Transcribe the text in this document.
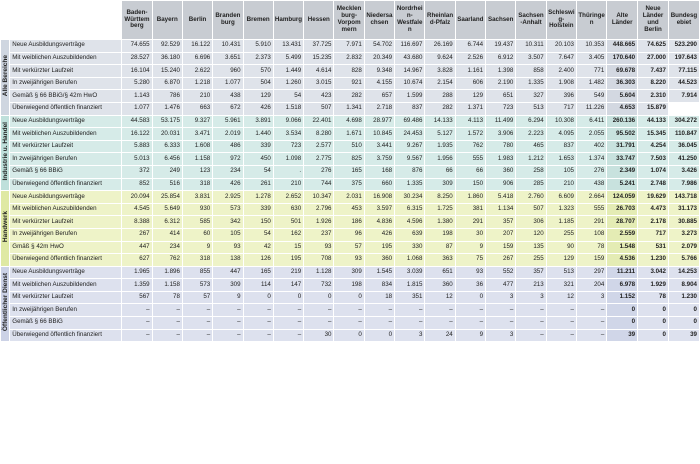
		Baden-Württemberg	Bayern	Berlin	Brandenburg	Bremen	Hamburg	Hessen	Mecklenburg-Vorpommern	Niedersachsen	Nordrhein-Westfalen	Rheinland-Pfalz	Saarland	Sachsen	Sachsen-Anhalt	Schleswig-Holstein	Thüringen	Alte Länder	Neue Länder und Berlin	Bundesgebiet
Alle Bereiche	Neue Ausbildungsverträge	74.655	92.529	16.122	10.431	5.910	13.431	37.725	7.971	54.702	116.697	26.169	6.744	19.437	10.311	20.103	10.353	448.665	74.625	523.290
	Mit weiblichen Auszubildenden	28.527	36.180	6.696	3.651	2.373	5.499	15.235	2.832	20.349	43.680	9.624	2.526	6.912	3.507	7.647	3.405	170.640	27.000	197.643
	Mit verkürzter Laufzeit	16.104	15.240	2.622	960	570	1.449	4.614	828	9.348	14.967	3.828	1.161	1.398	858	2.400	771	69.678	7.437	77.115
	In zweijährigen Berufen	5.280	6.870	1.218	1.077	504	1.260	3.015	921	4.155	10.674	2.154	606	2.190	1.335	1.908	1.482	36.303	8.220	44.523
	Gemäß § 66 BBiG/§ 42m HwO	1.143	786	210	438	129	54	423	282	657	1.599	288	129	651	327	396	549	5.604	2.310	7.914
	Überwiegend öffentlich finanziert	1.077	1.476	663	672	426	1.518	507	1.341	2.718	837	282	1.371	723	513	717	11.226	4.653	15.879	
Industrie u. Handel	Neue Ausbildungsverträge	44.583	53.175	9.327	5.961	3.891	9.066	22.401	4.698	28.977	69.486	14.133	4.113	11.499	6.294	10.308	6.411	260.136	44.133	304.272
	Mit weiblichen Auszubildenden	16.122	20.031	3.471	2.019	1.440	3.534	8.280	1.671	10.845	24.453	5.127	1.572	3.906	2.223	4.095	2.055	95.502	15.345	110.847
	Mit verkürzter Laufzeit	5.883	6.333	1.608	486	339	723	2.577	510	3.441	9.267	1.935	762	780	465	837	402	31.791	4.254	36.045
	In zweijährigen Berufen	5.013	6.456	1.158	972	450	1.098	2.775	825	3.759	9.567	1.956	555	1.983	1.212	1.653	1.374	33.747	7.503	41.250
	Gemäß § 66 BBiG	372	249	123	234	54	.	276	165	168	876	66	66	360	258	105	276	2.349	1.074	3.426
	Überwiegend öffentlich finanziert	852	516	318	426	261	210	744	375	660	1.335	309	150	906	285	210	438	5.241	2.748	7.986
Handwerk	Neue Ausbildungsverträge	20.094	25.854	3.831	2.925	1.278	2.652	10.347	2.031	16.908	30.234	8.250	1.860	5.418	2.760	6.609	2.664	124.059	19.629	143.718
	Mit weiblichen Auszubildenden	4.545	5.649	930	573	339	630	2.796	453	3.597	6.315	1.725	381	1.134	507	1.323	555	26.703	4.473	31.173
	Mit verkürzter Laufzeit	8.388	6.312	585	342	150	501	1.926	186	4.836	4.596	1.380	291	357	306	1.185	291	28.707	2.178	30.885
	In zweijährigen Berufen	267	414	60	105	54	162	237	96	426	639	198	30	207	120	255	108	2.559	717	3.273
	Gmäß § 42m HwO	447	234	9	93	42	15	93	57	195	330	87	9	159	135	90	78	1.548	531	2.079
	Überwiegend öffentlich finanziert	627	762	318	138	126	195	708	93	360	1.068	363	75	267	255	129	159	4.536	1.230	5.766
Öffentlicher Dienst	Neue Ausbildungsverträge	1.965	1.896	855	447	165	219	1.128	309	1.545	3.039	651	93	552	357	513	297	11.211	3.042	14.253
	Mit weiblichen Auszubildenden	1.359	1.158	573	309	114	147	732	198	834	1.815	360	36	477	213	321	204	6.978	1.929	8.904
	Mit verkürzter Laufzeit	567	78	57	9	0	0	0	0	18	351	12	0	3	3	12	3	1.152	78	1.230
	In zweijährigen Berufen	–	–	–	–	–	–	–	–	–	–	–	–	–	–	–	–	0	0	0
	Gemäß § 66 BBiG	–	–	–	–	–	–	–	–	–	–	–	–	–	–	–	–	0	0	0
	Überwiegend öffentlich finanziert	–	–	–	–	–	–	30	0	0	3	24	9	3	–	–	–	39	0	39
